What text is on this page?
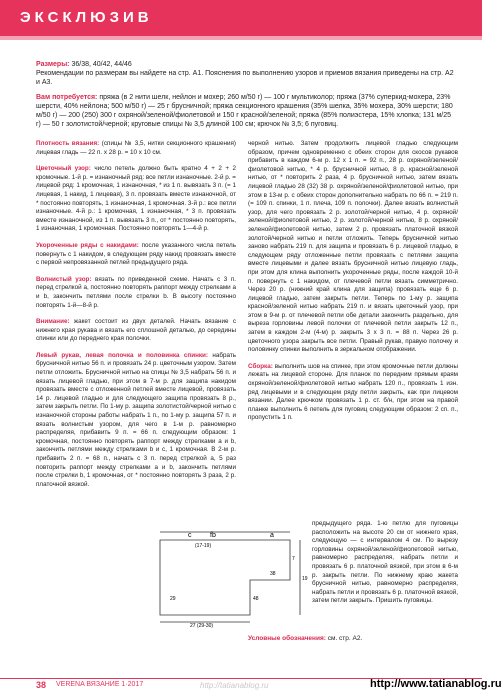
ЭКСКЛЮЗИВ

Размеры: 36/38, 40/42, 44/46

Рекомендации по размерам вы найдете на стр. А1. Пояснения по выполнению узоров и приемов вязания приведены на стр. А2 и А3.

Вам потребуется: пряжа (в 2 нити шелк, нейлон и мохер; 260 м/50 г) — 100 г мультиколор; пряжа (37% суперкид-мохера, 23% шерсти, 40% нейлона; 500 м/50 г) — 25 г брусничной; пряжа секционного крашения (35% шелка, 35% мохера, 30% шерсти; 180 м/50 г) — 200 (250) 300 г охряной/зеленой/фиолетовой и 150 г красной/зеленой; пряжа (85% полиэстера, 15% хлопка; 131 м/25 г) — 50 г золотистой/черной; круговые спицы № 3,5 длиной 100 см; крючок № 3,5; 6 пуговиц.

Плотность вязания: (спицы № 3,5, нитки секционного крашения) лицевая гладь — 22 п. x 28 р. = 10 x 10 см.

Цветочный узор: число петель должно быть кратно 4 + 2 + 2 кромочные. 1-й р. = изнаночный ряд: все петли изнаночные. 2-й р. = лицевой ряд: 1 кромочная, 1 изнаночная, * из 1 п. вывязать 3 п. (= 1 лицевая, 1 накид, 1 лицевая), 3 п. провязать вместе изнаночной, от * постоянно повторять, 1 изнаночная, 1 кромочная. 3-й р.: все петли изнаночные. 4-й р.: 1 кромочная, 1 изнаночная, * 3 п. провязать вместе изнаночной, из 1 п. вывязать 3 п., от * постоянно повторять, 1 изнаночная, 1 кромочная. Постоянно повторять 1—4-й р.

Укороченные ряды с накидами: после указанного числа петель повернуть с 1 накидом, в следующем ряду накид провязать вместе с первой непровязанной петлей предыдущего ряда.

Волнистый узор: вязать по приведенной схеме. Начать с 3 п. перед стрелкой а, постоянно повторять раппорт между стрелками a и b, закончить петлями после стрелки b. В высоту постоянно повторять 1-й—8-й р.

Внимание: жакет состоит из двух деталей. Начать вязание с нижнего края рукава и вязать его сплошной деталью, до середины спинки или до переднего края полочки.

Левый рукав, левая полочка и половинка спинки: набрать брусничной нитью 56 п. и провязать 24 р. цветочным узором. Затем петли отложить. Брусничной нитью на спицы № 3,5 набрать 56 п. и вязать лицевой гладью, при этом в 7-м р. для защипа накидом провязать вместе с отложенной петлей вместе лицевой, провязать 14 р. лицевой гладью и для следующего защипа провязать 8 р., затем закрыть петли. По 1-му р. защипа золотистой/черной нитью с изнаночной стороны работы набрать 1 п., по 1-му р. защипа 57 п. и вязать волнистым узором, для чего в 1-м р. равномерно распределяя, прибавить 9 п. = 66 п. следующим образом: 1 кромочная, постоянно повторять раппорт между стрелками a и b, закончить петлями между стрелками b и с, 1 кромочная. В 2-м р. прибавить 2 п. = 68 п., начать с 3 п. перед стрелкой а, 5 раз повторить раппорт между стрелками a и b, закончить петлями после стрелки b, 1 кромочная, от * постоянно повторять 3 раза, 2 р. платочной вязкой.

черной нитью. Затем продолжить лицевой гладью следующим образом, причем одновременно с обеих сторон для скосов рукавов прибавить в каждом 6-м р. 12 x 1 п. = 92 п., 28 р. охряной/зеленой/фиолетовой нитью, * 4 р. брусничной нитью, 8 р. красной/зеленой нитью, от * повторить 2 раза, 4 р. брусничной нитью, затем вязать лицевой гладью 28 (32) 38 р. охряной/зеленой/фиолетовой нитью, при этом в 13-м р. с обеих сторон дополнительно набрать по 66 п. = 219 п. (= 109 п. спинки, 1 п. плеча, 109 п. полочки). Далее вязать волнистый узор, для чего провязать 2 р. золотой/черной нитью, 4 р. охряной/зеленой/фиолетовой нитью, 2 р. золотой/черной нитью, 8 р. охряной/зеленой/фиолетовой нитью, затем 2 р. провязать платочной вязкой золотой/черной нитью и петли отложить. Теперь брусничной нитью заново набрать 219 п. для защипа и провязать 6 р. лицевой гладью, в следующем ряду отложенные петли провязать с петлями защипа вместе лицевыми и далее вязать брусничной нитью лицевую гладь, при этом для клина выполнить укороченные ряды, после каждой 10-й п. повернуть с 1 накидом, от плечевой петли вязать симметрично. Через 20 р. (нижний край клина для защипа) провязать еще 6 р. лицевой гладью, затем закрыть петли. Теперь по 1-му р. защипа красной/зеленой нитью набрать 219 п. и вязать цветочный узор, при этом в 9-м р. от плечевой петли обе детали закончить раздельно, для выреза горловины левой полочки от плечевой петли закрыть 12 п., затем в каждом 2-м (4-м) р. закрыть 3 x 3 п. = 88 п. Через 26 р. цветочного узора закрыть все петли. Правый рукав, правую полочку и половинку спинки выполнить в зеркальном отображении.

Сборка: выполнить шов на спинке, при этом кромочные петли должны лежать на лицевой стороне. Для планок по передним прямым краям охряной/зеленой/фиолетовой нитью набрать 120 п., провязать 1 изн. ряд лицевыми и в следующем ряду петли закрыть, как при лицевом вязании. Далее крючком провязать 1 р. ст. б/н, при этом на правой планке выполнить 6 петель для пуговиц следующим образом: 2 сп. п., пропустить 1 п.

c	fb	a
(17-19)
7
48
29
27 (29-30)
19
38
предыдущего ряда. 1-ю петлю для пуговицы расположить на высоте 20 см от нижнего края, следующую — с интервалом 4 см. По вырезу горловины охряной/зеленой/фиолетовой нитью, равномерно распределяя, набрать петли и провязать 6 р. платочной вязкой, при этом в 6-м р. закрыть петли. По нижнему краю жакета брусничной нитью, равномерно распределяя, набрать петли и провязать 6 р. платочной вязкой, затем петли закрыть. Пришить пуговицы.
Условные обозначения: см. стр. А2.
38 VERENA ВЯЗАНИЕ 1·2017	http://tatianablog.ru	http://www.tatianablog.ru
